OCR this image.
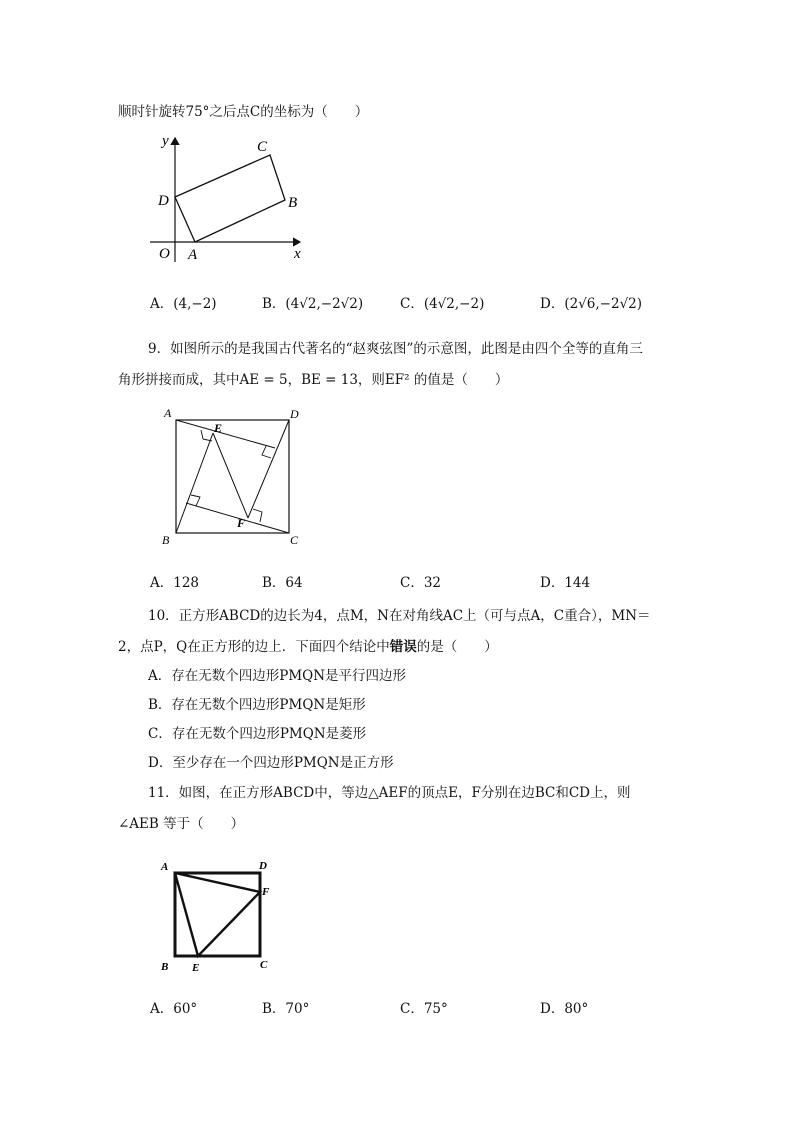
顺时针旋转75°之后点C的坐标为（　　）
y
x
O A
B
C
D
A．(4,−2)	B．(4√2,−2√2)	C．(4√2,−2)	D．(2√6,−2√2)
9．如图所示的是我国古代著名的“赵爽弦图”的示意图，此图是由四个全等的直角三
角形拼接而成，其中AE = 5，BE = 13，则EF² 的值是（　　）
A	D
B	C
E
F
A．128	B．64	C．32	D．144
10．正方形ABCD的边长为4，点M，N在对角线AC上（可与点A，C重合），MN＝
2，点P，Q在正方形的边上．下面四个结论中错误的是（　　）
A．存在无数个四边形PMQN是平行四边形
B．存在无数个四边形PMQN是矩形
C．存在无数个四边形PMQN是菱形
D．至少存在一个四边形PMQN是正方形
11．如图，在正方形ABCD中，等边△AEF的顶点E，F分别在边BC和CD上，则
∠AEB 等于（　　）
A	D
F
B E	C
A．60°	B．70°	C．75°	D．80°
